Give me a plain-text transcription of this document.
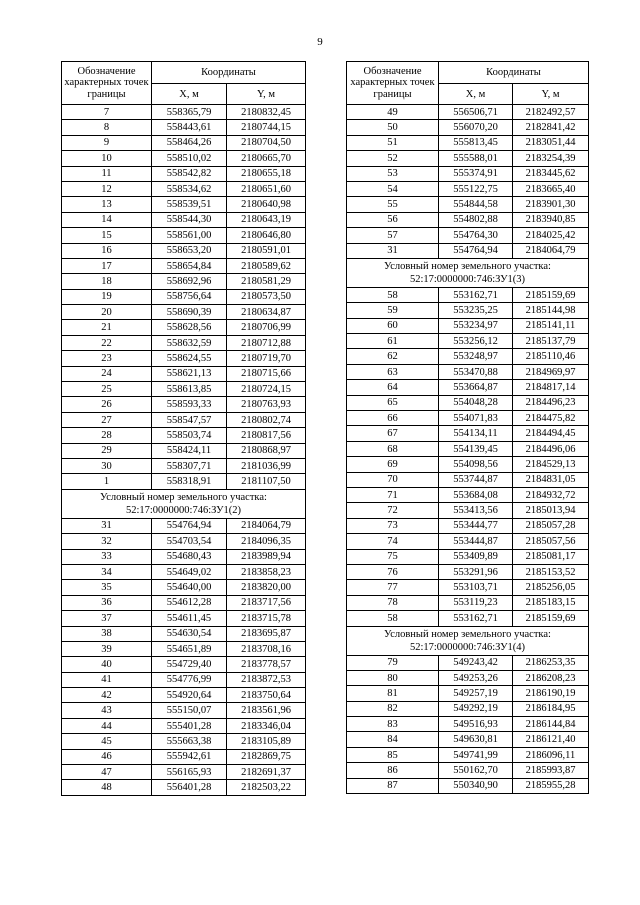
9
Обозначение характерных точек границы	Координаты	
	X, м	Y, м
7	558365,79	2180832,45
8	558443,61	2180744,15
9	558464,26	2180704,50
10	558510,02	2180665,70
11	558542,82	2180655,18
12	558534,62	2180651,60
13	558539,51	2180640,98
14	558544,30	2180643,19
15	558561,00	2180646,80
16	558653,20	2180591,01
17	558654,84	2180589,62
18	558692,96	2180581,29
19	558756,64	2180573,50
20	558690,39	2180634,87
21	558628,56	2180706,99
22	558632,59	2180712,88
23	558624,55	2180719,70
24	558621,13	2180715,66
25	558613,85	2180724,15
26	558593,33	2180763,93
27	558547,57	2180802,74
28	558503,74	2180817,56
29	558424,11	2180868,97
30	558307,71	2181036,99
1	558318,91	2181107,50
Условный номер земельного участка: 52:17:0000000:746:ЗУ1(2)		
31	554764,94	2184064,79
32	554703,54	2184096,35
33	554680,43	2183989,94
34	554649,02	2183858,23
35	554640,00	2183820,00
36	554612,28	2183717,56
37	554611,45	2183715,78
38	554630,54	2183695,87
39	554651,89	2183708,16
40	554729,40	2183778,57
41	554776,99	2183872,53
42	554920,64	2183750,64
43	555150,07	2183561,96
44	555401,28	2183346,04
45	555663,38	2183105,89
46	555942,61	2182869,75
47	556165,93	2182691,37
48	556401,28	2182503,22
Обозначение характерных точек границы	Координаты	
	X, м	Y, м
49	556506,71	2182492,57
50	556070,20	2182841,42
51	555813,45	2183051,44
52	555588,01	2183254,39
53	555374,91	2183445,62
54	555122,75	2183665,40
55	554844,58	2183901,30
56	554802,88	2183940,85
57	554764,30	2184025,42
31	554764,94	2184064,79
Условный номер земельного участка: 52:17:0000000:746:ЗУ1(3)		
58	553162,71	2185159,69
59	553235,25	2185144,98
60	553234,97	2185141,11
61	553256,12	2185137,79
62	553248,97	2185110,46
63	553470,88	2184969,97
64	553664,87	2184817,14
65	554048,28	2184496,23
66	554071,83	2184475,82
67	554134,11	2184494,45
68	554139,45	2184496,06
69	554098,56	2184529,13
70	553744,87	2184831,05
71	553684,08	2184932,72
72	553413,56	2185013,94
73	553444,77	2185057,28
74	553444,87	2185057,56
75	553409,89	2185081,17
76	553291,96	2185153,52
77	553103,71	2185256,05
78	553119,23	2185183,15
58	553162,71	2185159,69
Условный номер земельного участка: 52:17:0000000:746:ЗУ1(4)		
79	549243,42	2186253,35
80	549253,26	2186208,23
81	549257,19	2186190,19
82	549292,19	2186184,95
83	549516,93	2186144,84
84	549630,81	2186121,40
85	549741,99	2186096,11
86	550162,70	2185993,87
87	550340,90	2185955,28
